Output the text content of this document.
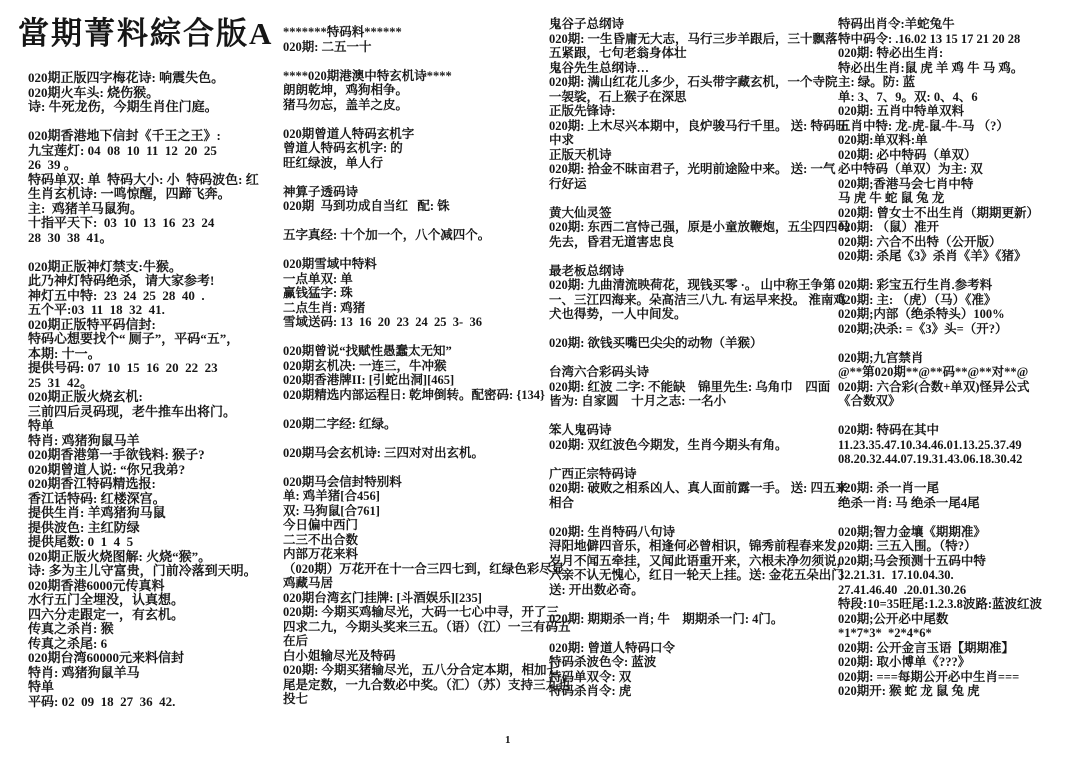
當期菁料綜合版A
020期正版四字梅花诗: 响震失色。
020期火车头: 烧伤猴。
诗: 牛死龙伤，今期生肖住门庭。

020期香港地下信封《千王之王》:
九宝莲灯: 04  08  10  11  12  20  25
26  39 。
特码单双: 单  特码大小: 小  特码波色: 红
生肖玄机诗: 一鸣惊醒，四蹄飞奔。
主:  鸡猪羊马鼠狗。
十指平天下:  03  10  13  16  23  24
28  30  38  41。

020期正版神灯禁支:牛猴。
此乃神灯特码绝杀，请大家参考!
神灯五中特:  23  24  25  28  40  .
五个平:03  11  18  32  41.
020期正版特平码信封:
特码心想要找个“ 厕子”，平码“五”，
本期: 十一。
提供号码: 07  10  15  16  20  22  23
25  31  42。
020期正版火烧玄机:
三前四后灵码现，老牛推车出将门。
特单
特肖: 鸡猪狗鼠马羊
020期香港第一手欲钱料: 猴子?
020期曾道人说: “你兄我弟?
020期香江特码精选报:
香江话特码: 红楼深宫。
提供生肖: 羊鸡猪狗马鼠
提供波色: 主红防绿
提供尾数: 0  1  4  5
020期正版火烧图解: 火烧“猴”。
诗: 多为主儿守富贵，门前冷落到天明。
020期香港6000元传真料
水行五门全埋没，认真想。
四六分走跟定一，有玄机。
传真之杀肖: 猴
传真之杀尾: 6
020期台湾60000元来料信封
特肖: 鸡猪狗鼠羊马
特单
平码: 02  09  18  27  36  42.
*******特码料******
020期: 二五一十

****020期港澳中特玄机诗****
朗朗乾坤，鸡狗相争。
猪马勿忘，盖羊之皮。

020期曾道人特码玄机字
曾道人特码玄机字: 的
旺红绿波，单人行

神算子透码诗
020期  马到功成自当红   配: 铢

五字真经: 十个加一个，八个减四个。

020期雪域中特料
一点单双: 单
赢钱猛字: 珠
二点生肖: 鸡猪
雪域送码: 13  16  20  23  24  25  3-  36

020期曾说“找赋性愚蠢太无知”
020期玄机决: 一连三，牛冲猴
020期香港牌II: [引蛇出洞][465]
020期精选内部运程日: 乾坤倒转。配密码: {134}

020期二字经: 红绿。

020期马会玄机诗: 三四对对出玄机。

020期马会信封特别料
单: 鸡羊猪[合456]
双: 马狗鼠[合761]
今日偏中西门
二三不出合数
内部万花来料
（020期）万花开在十一合三四七到，红绿色彩尽显
鸡藏马居
020期台湾玄门挂牌: [斗酒娱乐][235]
020期: 今期买鸡输尽光，大码一七心中寻，开了三
四求二九，今期头奖来三五。（语）（江）一三有码五
在后
白小姐输尽光及特码
020期: 今期买猪输尽光，五八分合定本期，相加七
尾是定数，一九合数必中奖。（汇）（苏）支持三九也
投七
鬼谷子总纲诗
020期: 一生昏庸无大志，马行三步羊跟后，三十飘落
五紧跟，七句老翁身体壮
鬼谷先生总纲诗…
020期: 满山红花儿多少，石头带字藏玄机，一个寺院
一袈裟，石上猴子在深思
正版先锋诗:
020期: 上木尽兴本期中，良炉骏马行千里。 送: 特码旺
中求
正版天机诗
020期: 拾金不昧亩君子，光明前途险中来。 送: 一气
行好运

黄大仙灵签
020期: 东西二宫恃己强，原是小童放鞭炮，五尘四四马
先去，昏君无道害忠良

最老板总纲诗
020期: 九曲清流映荷花，现钱买零 ·。 山中称王争第
一、三江四海来。朵高洁三八九. 有运早来投。 淮南鸡
犬也得势，一人中间发。

020期: 欲钱买嘴巴尖尖的动物（羊猴）

台湾六合彩码头诗
020期: 红波 二字: 不能缺　锦里先生: 乌角巾　四面
皆为: 自家圆　十月之志: 一名小

笨人鬼码诗
020期: 双红波色今期发，生肖今期头有角。

广西正宗特码诗
020期: 破败之相系凶人、真人面前露一手。 送: 四五来
相合

020期: 生肖特码八句诗
浔阳地僻四音乐，相逢何必曾相识，锦秀前程春来发，
岁月不闻五牵挂，又闻此语重开来，六根未净勿须说，
六亲不认无愧心，红日一轮天上挂。送: 金花五朵出门
送: 开出数必奇。

020期: 期期杀一肖; 牛　期期杀一门: 4门。

020期: 曾道人特码口令
特码杀波色令: 蓝波
特码单双令: 双
特码杀肖令: 虎
特码出肖令:羊蛇兔牛
特中码令: .16.02 13 15 17 21 20 28
020期: 特必出生肖:
特必出生肖:鼠 虎 羊 鸡 牛 马 鸡。
主: 绿。防: 蓝
单: 3、7、9。双: 0、4、6
020期: 五肖中特单双料
五肖中特: 龙-虎-鼠-牛-马 （?）
020期:单双料:单
020期: 必中特码（单双）
必中特码（单双）为主: 双
020期;香港马会七肖中特
马 虎 牛 蛇 鼠 兔 龙
020期: 曾女士不出生肖（期期更新）
020期: （鼠）准开
020期: 六合不出特（公开版）
020期: 杀尾《3》杀肖《羊》《猪》

020期: 彩宝五行生肖.参考料
020期: 主: （虎）（马）《准》
020期;内部（绝杀特头）100%
020期;决杀: =《3》头=（开?）

020期;九宫禁肖
@**第020期**@**码**@**对**@
020期: 六合彩(合数+单双)怪异公式
《合数双》

020期: 特码在其中
11.23.35.47.10.34.46.01.13.25.37.49
08.20.32.44.07.19.31.43.06.18.30.42

020期: 杀一肖一尾
绝杀一肖: 马 绝杀一尾4尾

020期;智力金壤《期期准》
020期: 三五入围。（特?）
020期;马会预测十五码中特
32.21.31.  17.10.04.30.
27.41.46.40  .20.01.30.26
特段:10=35旺尾:1.2.3.8波路:蓝波红波
020期;公开必中尾数
*1*7*3*  *2*4*6*
020期: 公开金言玉语【期期准】
020期: 取小博单《???》
020期: ===每期公开必中生肖===
020期开: 猴 蛇 龙 鼠 兔 虎
1
